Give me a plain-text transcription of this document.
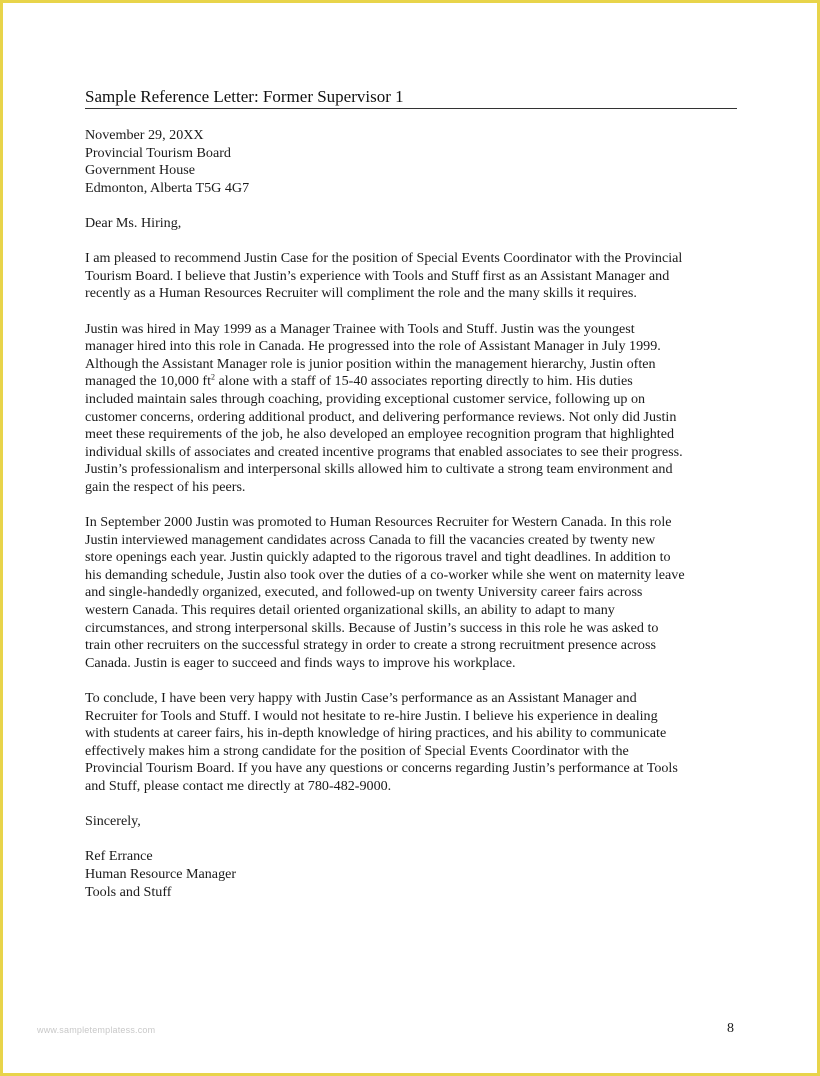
Sample Reference Letter: Former Supervisor 1
November 29, 20XX
Provincial Tourism Board
Government House
Edmonton, Alberta T5G 4G7
Dear Ms. Hiring,
I am pleased to recommend Justin Case for the position of Special Events Coordinator with the Provincial
Tourism Board. I believe that Justin’s experience with Tools and Stuff first as an Assistant Manager and
recently as a Human Resources Recruiter will compliment the role and the many skills it requires.
Justin was hired in May 1999 as a Manager Trainee with Tools and Stuff. Justin was the youngest
manager hired into this role in Canada. He progressed into the role of Assistant Manager in July 1999.
Although the Assistant Manager role is junior position within the management hierarchy, Justin often
managed the 10,000 $ft^2$ alone with a staff of 15-40 associates reporting directly to him. His duties
included maintain sales through coaching, providing exceptional customer service, following up on
customer concerns, ordering additional product, and delivering performance reviews. Not only did Justin
meet these requirements of the job, he also developed an employee recognition program that highlighted
individual skills of associates and created incentive programs that enabled associates to see their progress.
Justin’s professionalism and interpersonal skills allowed him to cultivate a strong team environment and
gain the respect of his peers.
In September 2000 Justin was promoted to Human Resources Recruiter for Western Canada. In this role
Justin interviewed management candidates across Canada to fill the vacancies created by twenty new
store openings each year. Justin quickly adapted to the rigorous travel and tight deadlines. In addition to
his demanding schedule, Justin also took over the duties of a co-worker while she went on maternity leave
and single-handedly organized, executed, and followed-up on twenty University career fairs across
western Canada. This requires detail oriented organizational skills, an ability to adapt to many
circumstances, and strong interpersonal skills. Because of Justin’s success in this role he was asked to
train other recruiters on the successful strategy in order to create a strong recruitment presence across
Canada. Justin is eager to succeed and finds ways to improve his workplace.
To conclude, I have been very happy with Justin Case’s performance as an Assistant Manager and
Recruiter for Tools and Stuff. I would not hesitate to re-hire Justin. I believe his experience in dealing
with students at career fairs, his in-depth knowledge of hiring practices, and his ability to communicate
effectively makes him a strong candidate for the position of Special Events Coordinator with the
Provincial Tourism Board. If you have any questions or concerns regarding Justin’s performance at Tools
and Stuff, please contact me directly at 780-482-9000.
Sincerely,
Ref Errance
Human Resource Manager
Tools and Stuff
www.sampletemplatess.com	8
